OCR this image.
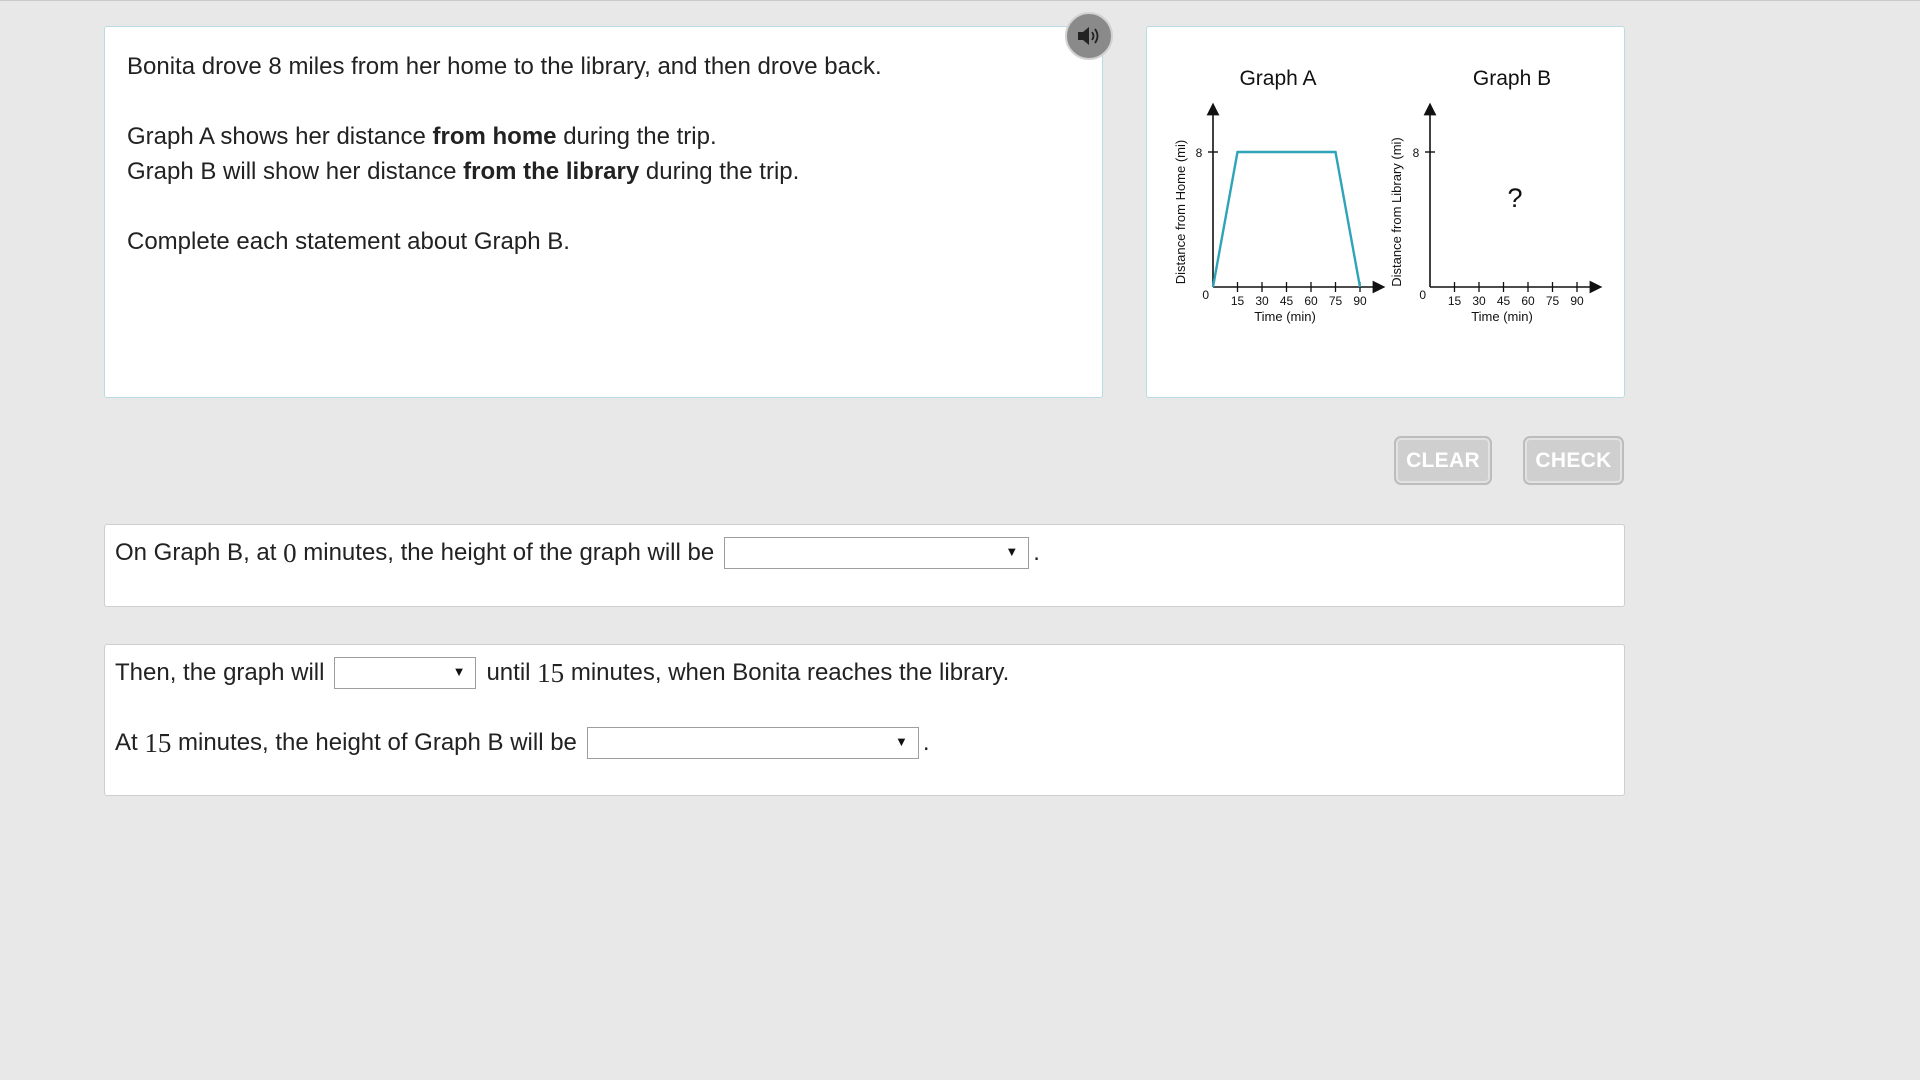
Bonita drove 8 miles from her home to the library, and then drove back.

Graph A shows her distance from home during the trip.

Graph B will show her distance from the library during the trip.

Complete each statement about Graph B.

Graph A
8
0 15 30 45 60 75 90
Time (min)
Distance from Home (mi)
Graph B
8
0 15 30 45 60 75 90
Time (min)
Distance from Library (mi)	?
CLEAR	CHECK
On Graph B, at 0 minutes, the height of the graph will be	▼ .
Then, the graph will	▼ until 15 minutes, when Bonita reaches the library.
At 15 minutes, the height of Graph B will be	▼ .
